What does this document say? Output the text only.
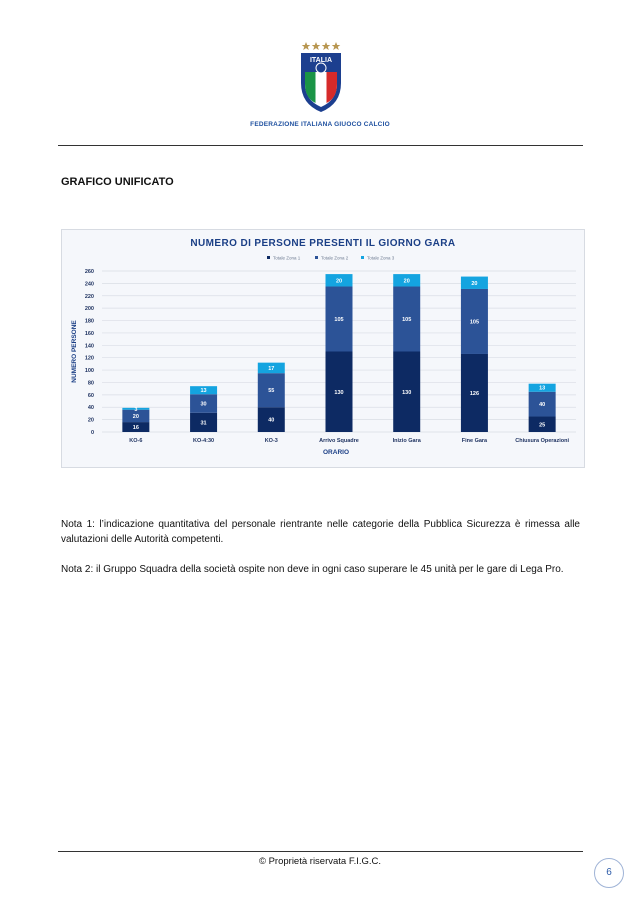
ITALIA
FEDERAZIONE ITALIANA GIUOCO CALCIO
GRAFICO UNIFICATO
NUMERO DI PERSONE PRESENTI IL GIORNO GARA
Totale Zona 1	Totale Zona 2	Totale Zona 3
0
20
40
60
80
100
120
140
160
180
200
220
240
260
NUMERO PERSONE
16
20
3
KO-6
31
30
13
KO-4:30
40
55
17
KO-3
130
105
20
Arrivo Squadre
130
105
20
Inizio Gara
126
105
20
Fine Gara
25
40
13
Chiusura Operazioni
ORARIO
Nota 1: l’indicazione quantitativa del personale rientrante nelle categorie della Pubblica Sicurezza è rimessa alle valutazioni delle Autorità competenti.
Nota 2: il Gruppo Squadra della società ospite non deve in ogni caso superare le 45 unità per le gare di Lega Pro.
© Proprietà riservata F.I.G.C.
6
